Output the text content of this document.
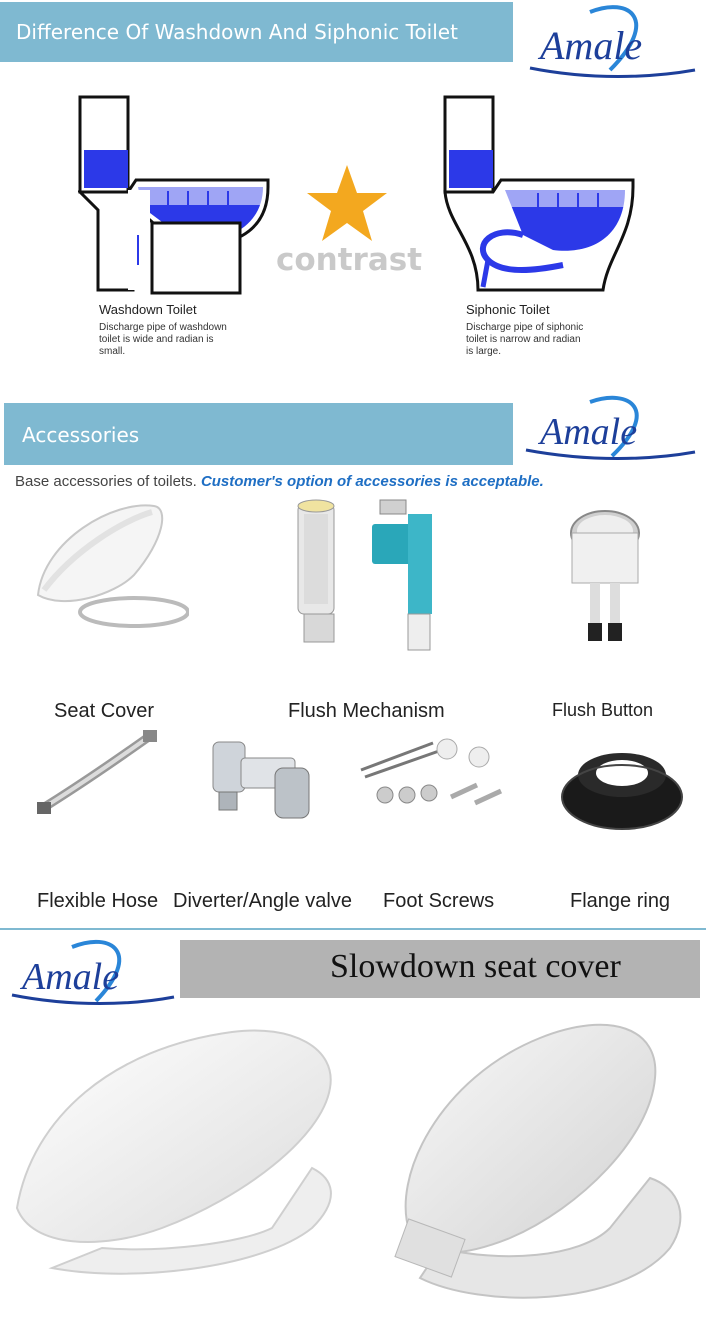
Difference Of Washdown And Siphonic Toilet Amale
Washdown Toilet
Discharge pipe of washdown
toilet is wide and radian is
small.
contrast
Siphonic Toilet
Discharge pipe of siphonic
toilet is narrow and radian
is large.
Accessories	Amale
Base accessories of toilets. Customer's option of accessories is acceptable.
Seat Cover	Flush Mechanism	Flush Button
Flexible Hose Diverter/Angle valve Foot Screws	Flange ring
Amale	Slowdown seat cover
